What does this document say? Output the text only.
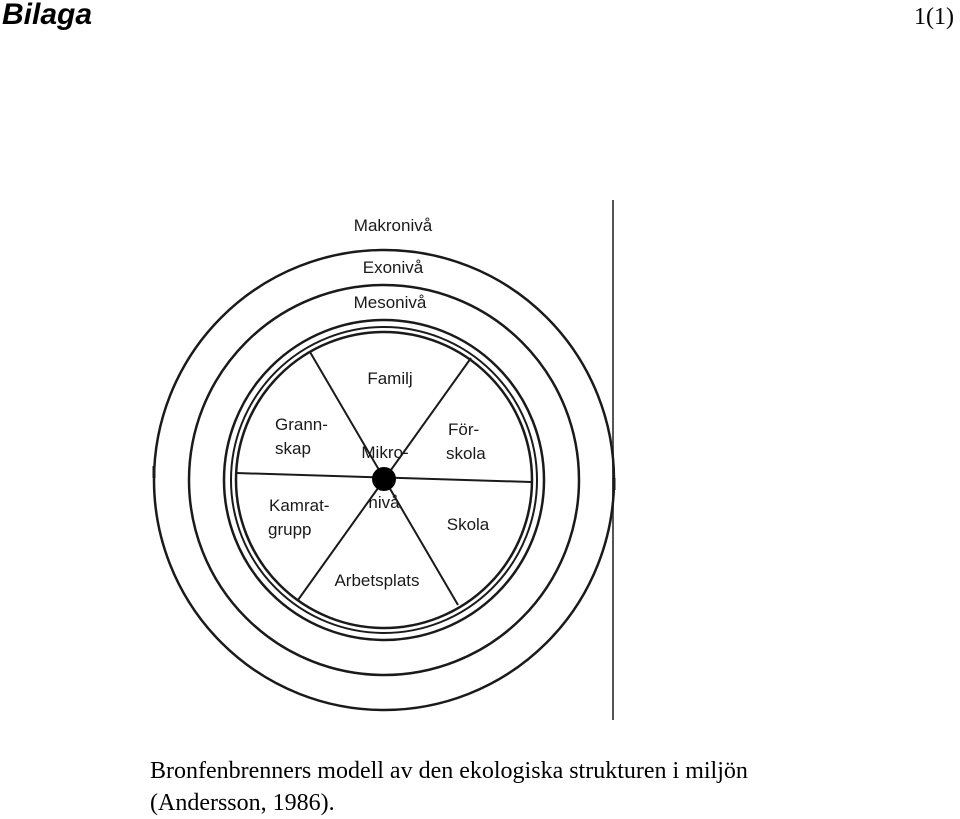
Bilaga	1(1)
Makronivå
Exonivå
Mesonivå
Mikro-
nivå
Familj
För-
skola
Skola
Arbetsplats
Kamrat-
grupp
Grann-
skap
Bronfenbrenners modell av den ekologiska strukturen i miljön
(Andersson, 1986).
